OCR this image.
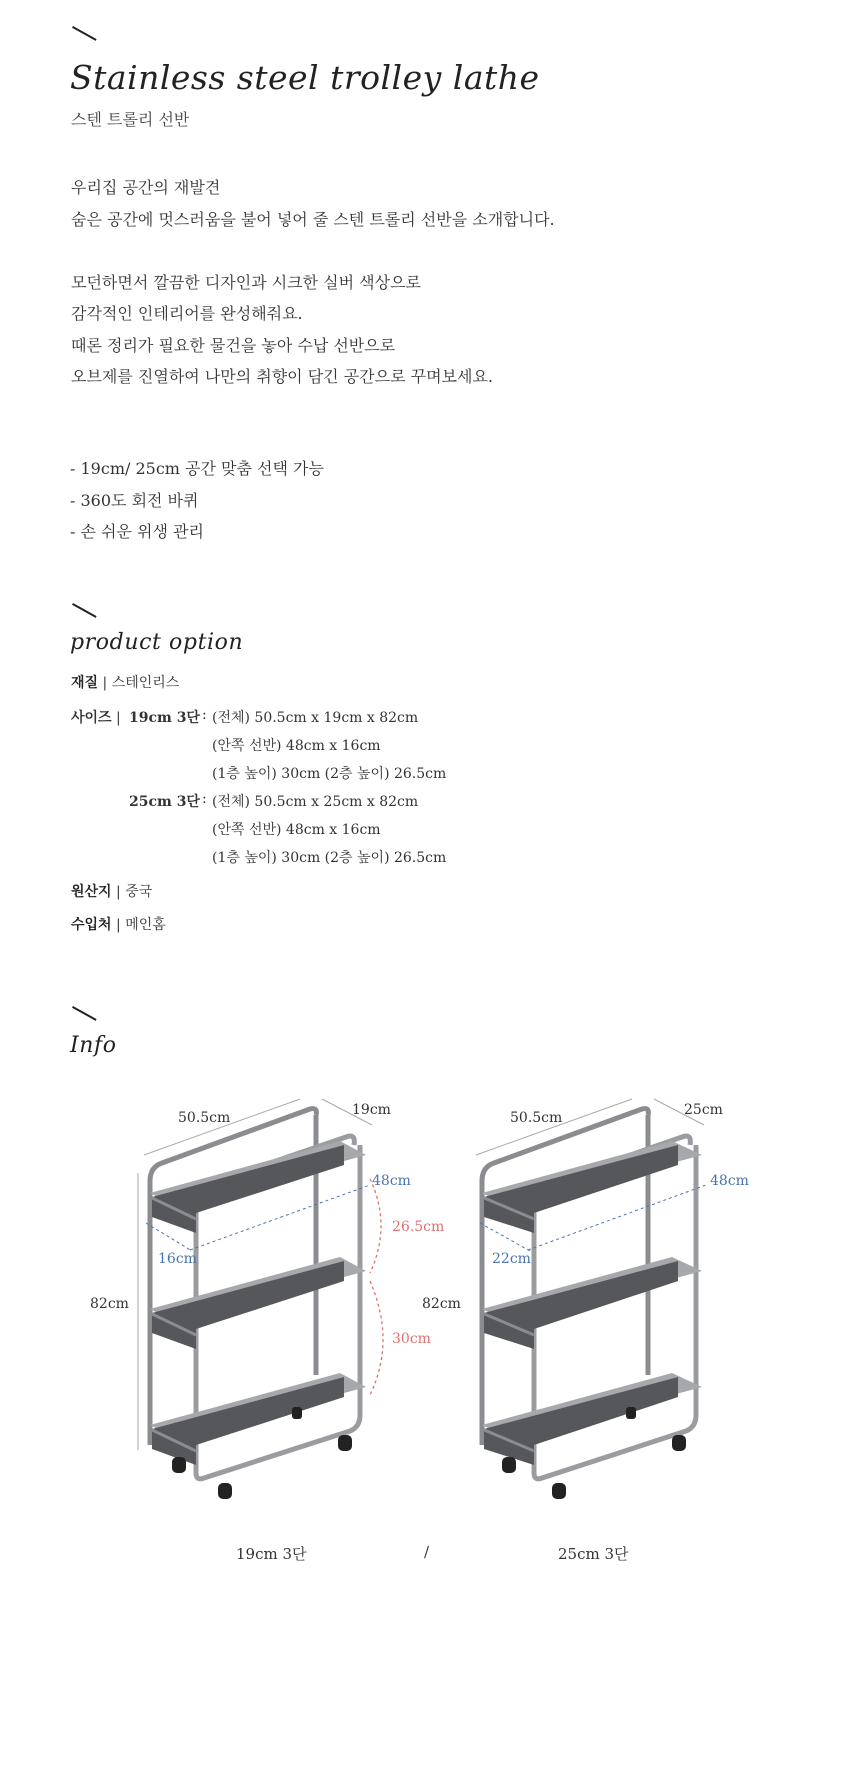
Stainless steel trolley lathe

스텐 트롤리 선반

우리집 공간의 재발견

숨은 공간에 멋스러움을 불어 넣어 줄 스텐 트롤리 선반을 소개합니다.

모던하면서 깔끔한 디자인과 시크한 실버 색상으로

감각적인 인테리어를 완성해줘요.

때론 정리가 필요한 물건을 놓아 수납 선반으로

오브제를 진열하여 나만의 취향이 담긴 공간으로 꾸며보세요.

- 19cm/ 25cm 공간 맞춤 선택 가능
- 360도 회전 바퀴
- 손 쉬운 위생 관리
product option
재질 | 스테인리스
사이즈 | 19cm 3단 : (전체) 50.5cm x 19cm x 82cm
(안쪽 선반) 48cm x 16cm
(1층 높이) 30cm (2층 높이) 26.5cm
25cm 3단 : (전체) 50.5cm x 25cm x 82cm
(안쪽 선반) 48cm x 16cm
(1층 높이) 30cm (2층 높이) 26.5cm
원산지 | 중국
수입처 | 메인홈
Info
50.5cm	19cm
82cm
48cm
16cm
26.5cm
30cm
50.5cm	25cm
82cm
48cm
22cm
19cm 3단	/	25cm 3단
